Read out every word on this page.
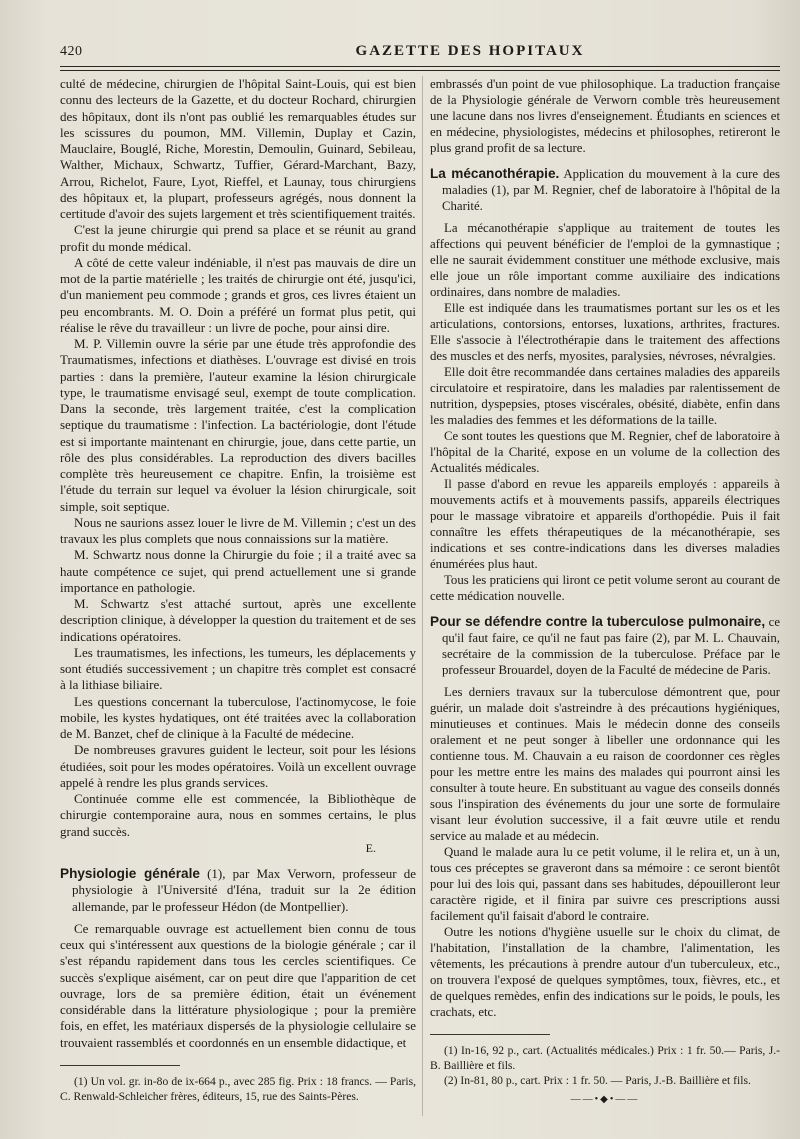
420	GAZETTE DES HOPITAUX

culté de médecine, chirurgien de l'hôpital Saint-Louis, qui est bien connu des lecteurs de la Gazette, et du docteur Rochard, chirurgien des hôpitaux, dont ils n'ont pas oublié les remarquables études sur les scissures du poumon, MM. Villemin, Duplay et Cazin, Mauclaire, Bouglé, Riche, Morestin, Demoulin, Guinard, Sebileau, Walther, Michaux, Schwartz, Tuffier, Gérard-Marchant, Bazy, Arrou, Richelot, Faure, Lyot, Rieffel, et Launay, tous chirurgiens des hôpitaux et, la plupart, professeurs agrégés, nous donnent la certitude d'avoir des sujets largement et très scientifiquement traités.

C'est la jeune chirurgie qui prend sa place et se réunit au grand profit du monde médical.

A côté de cette valeur indéniable, il n'est pas mauvais de dire un mot de la partie matérielle ; les traités de chirurgie ont été, jusqu'ici, d'un maniement peu commode ; grands et gros, ces livres étaient un peu encombrants. M. O. Doin a préféré un format plus petit, qui réalise le rêve du travailleur : un livre de poche, pour ainsi dire.

M. P. Villemin ouvre la série par une étude très approfondie des Traumatismes, infections et diathèses. L'ouvrage est divisé en trois parties : dans la première, l'auteur examine la lésion chirurgicale type, le traumatisme envisagé seul, exempt de toute complication. Dans la seconde, très largement traitée, c'est la complication septique du traumatisme : l'infection. La bactériologie, dont l'étude est si importante maintenant en chirurgie, joue, dans cette partie, un rôle des plus considérables. La reproduction des divers bacilles complète très heureusement ce chapitre. Enfin, la troisième est l'étude du terrain sur lequel va évoluer la lésion chirurgicale, soit simple, soit septique.

Nous ne saurions assez louer le livre de M. Villemin ; c'est un des travaux les plus complets que nous connaissions sur la matière.

M. Schwartz nous donne la Chirurgie du foie ; il a traité avec sa haute compétence ce sujet, qui prend actuellement une si grande importance en pathologie.

M. Schwartz s'est attaché surtout, après une excellente description clinique, à développer la question du traitement et de ses indications opératoires.

Les traumatismes, les infections, les tumeurs, les déplacements y sont étudiés successivement ; un chapitre très complet est consacré à la lithiase biliaire.

Les questions concernant la tuberculose, l'actinomycose, le foie mobile, les kystes hydatiques, ont été traitées avec la collaboration de M. Banzet, chef de clinique à la Faculté de médecine.

De nombreuses gravures guident le lecteur, soit pour les lésions étudiées, soit pour les modes opératoires. Voilà un excellent ouvrage appelé à rendre les plus grands services.

Continuée comme elle est commencée, la Bibliothèque de chirurgie contemporaine aura, nous en sommes certains, le plus grand succès.

E.

Physiologie générale (1), par Max Verworn, professeur de physiologie à l'Université d'Iéna, traduit sur la 2e édition allemande, par le professeur Hédon (de Montpellier).

Ce remarquable ouvrage est actuellement bien connu de tous ceux qui s'intéressent aux questions de la biologie générale ; car il s'est répandu rapidement dans tous les cercles scientifiques. Ce succès s'explique aisément, car on peut dire que l'apparition de cet ouvrage, lors de sa première édition, était un événement considérable dans la littérature physiologique ; pour la première fois, en effet, les matériaux dispersés de la physiologie cellulaire se trouvaient rassemblés et coordonnés en un ensemble didactique, et

(1) Un vol. gr. in-8o de ix-664 p., avec 285 fig. Prix : 18 francs. — Paris, C. Renwald-Schleicher frères, éditeurs, 15, rue des Saints-Pères.

embrassés d'un point de vue philosophique. La traduction française de la Physiologie générale de Verworn comble très heureusement une lacune dans nos livres d'enseignement. Étudiants en sciences et en médecine, physiologistes, médecins et philosophes, retireront le plus grand profit de sa lecture.

La mécanothérapie. Application du mouvement à la cure des maladies (1), par M. Regnier, chef de laboratoire à l'hôpital de la Charité.

La mécanothérapie s'applique au traitement de toutes les affections qui peuvent bénéficier de l'emploi de la gymnastique ; elle ne saurait évidemment constituer une méthode exclusive, mais elle joue un rôle important comme auxiliaire des indications ordinaires, dans nombre de maladies.

Elle est indiquée dans les traumatismes portant sur les os et les articulations, contorsions, entorses, luxations, arthrites, fractures. Elle s'associe à l'électrothérapie dans le traitement des affections des muscles et des nerfs, myosites, paralysies, névroses, névralgies.

Elle doit être recommandée dans certaines maladies des appareils circulatoire et respiratoire, dans les maladies par ralentissement de nutrition, dyspepsies, ptoses viscérales, obésité, diabète, enfin dans les maladies des femmes et les déformations de la taille.

Ce sont toutes les questions que M. Regnier, chef de laboratoire à l'hôpital de la Charité, expose en un volume de la collection des Actualités médicales.

Il passe d'abord en revue les appareils employés : appareils à mouvements actifs et à mouvements passifs, appareils électriques pour le massage vibratoire et appareils d'orthopédie. Puis il fait connaître les effets thérapeutiques de la mécanothérapie, ses indications et ses contre-indications dans les diverses maladies énumérées plus haut.

Tous les praticiens qui liront ce petit volume seront au courant de cette médication nouvelle.

Pour se défendre contre la tuberculose pulmonaire, ce qu'il faut faire, ce qu'il ne faut pas faire (2), par M. L. Chauvain, secrétaire de la commission de la tuberculose. Préface par le professeur Brouardel, doyen de la Faculté de médecine de Paris.

Les derniers travaux sur la tuberculose démontrent que, pour guérir, un malade doit s'astreindre à des précautions hygiéniques, minutieuses et continues. Mais le médecin donne des conseils oralement et ne peut songer à libeller une ordonnance qui les contienne tous. M. Chauvain a eu raison de coordonner ces règles pour les mettre entre les mains des malades qui pourront ainsi les consulter à toute heure. En substituant au vague des conseils donnés sous l'inspiration des événements du jour une sorte de formulaire visant leur évolution successive, il a fait œuvre utile et rendu service au malade et au médecin.

Quand le malade aura lu ce petit volume, il le relira et, un à un, tous ces préceptes se graveront dans sa mémoire : ce seront bientôt pour lui des lois qui, passant dans ses habitudes, dépouilleront leur caractère rigide, et il finira par suivre ces prescriptions aussi facilement qu'il faisait d'abord le contraire.

Outre les notions d'hygiène usuelle sur le choix du climat, de l'habitation, l'installation de la chambre, l'alimentation, les vêtements, les précautions à prendre autour d'un tuberculeux, etc., on trouvera l'exposé de quelques symptômes, toux, fièvres, etc., et de quelques remèdes, enfin des indications sur le poids, le pouls, les crachats, etc.

(1) In-16, 92 p., cart. (Actualités médicales.) Prix : 1 fr. 50.— Paris, J.-B. Baillière et fils.

(2) In-81, 80 p., cart. Prix : 1 fr. 50. — Paris, J.-B. Baillière et fils.

——•◆•——
